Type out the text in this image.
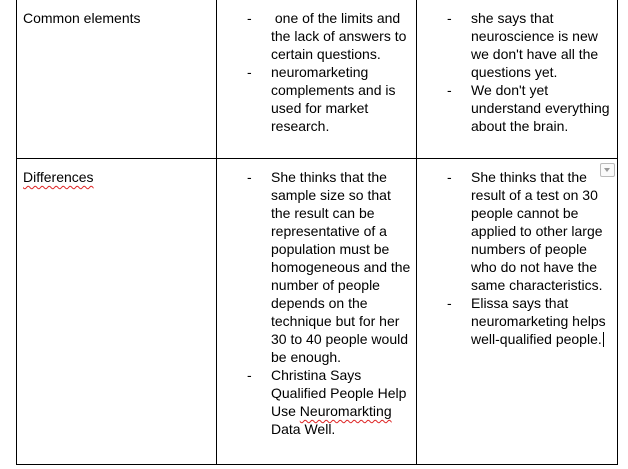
Common elements	- one of the limits and the lack of answers to certain questions.
- neuromarketing complements and is used for market research.
- she says that neuroscience is new we don't have all the questions yet.
- We don't yet understand everything about the brain.
Differences	- She thinks that the sample size so that the result can be representative of a population must be homogeneous and the number of people depends on the technique but for her 30 to 40 people would be enough.
- Christina Says Qualified People Help Use Neuromarkting Data Well.
- She thinks that the result of a test on 30 people cannot be applied to other large numbers of people who do not have the same characteristics.
- Elissa says that neuromarketing helps well-qualified people.
